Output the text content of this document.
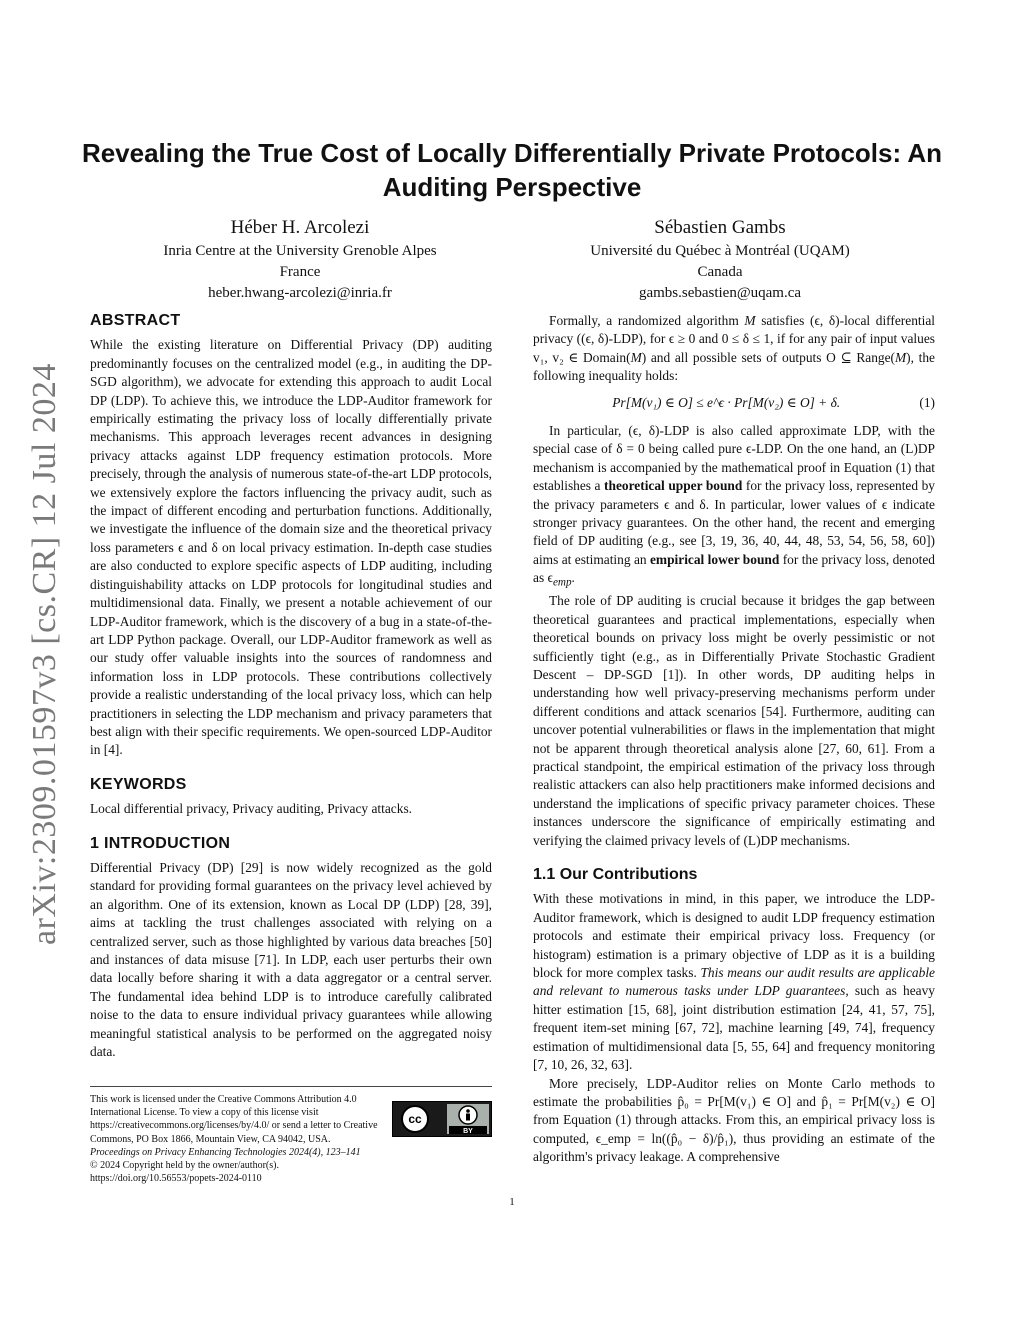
arXiv:2309.01597v3 [cs.CR] 12 Jul 2024
Revealing the True Cost of Locally Differentially Private Protocols: An Auditing Perspective
Héber H. Arcolezi
Inria Centre at the University Grenoble Alpes
France
heber.hwang-arcolezi@inria.fr
Sébastien Gambs
Université du Québec à Montréal (UQAM)
Canada
gambs.sebastien@uqam.ca
ABSTRACT

While the existing literature on Differential Privacy (DP) auditing predominantly focuses on the centralized model (e.g., in auditing the DP-SGD algorithm), we advocate for extending this approach to audit Local DP (LDP). To achieve this, we introduce the LDP-Auditor framework for empirically estimating the privacy loss of locally differentially private mechanisms. This approach leverages recent advances in designing privacy attacks against LDP frequency estimation protocols. More precisely, through the analysis of numerous state-of-the-art LDP protocols, we extensively explore the factors influencing the privacy audit, such as the impact of different encoding and perturbation functions. Additionally, we investigate the influence of the domain size and the theoretical privacy loss parameters ϵ and δ on local privacy estimation. In-depth case studies are also conducted to explore specific aspects of LDP auditing, including distinguishability attacks on LDP protocols for longitudinal studies and multidimensional data. Finally, we present a notable achievement of our LDP-Auditor framework, which is the discovery of a bug in a state-of-the-art LDP Python package. Overall, our LDP-Auditor framework as well as our study offer valuable insights into the sources of randomness and information loss in LDP protocols. These contributions collectively provide a realistic understanding of the local privacy loss, which can help practitioners in selecting the LDP mechanism and privacy parameters that best align with their specific requirements. We open-sourced LDP-Auditor in [4].

KEYWORDS

Local differential privacy, Privacy auditing, Privacy attacks.

1 INTRODUCTION

Differential Privacy (DP) [29] is now widely recognized as the gold standard for providing formal guarantees on the privacy level achieved by an algorithm. One of its extension, known as Local DP (LDP) [28, 39], aims at tackling the trust challenges associated with relying on a centralized server, such as those highlighted by various data breaches [50] and instances of data misuse [71]. In LDP, each user perturbs their own data locally before sharing it with a data aggregator or a central server. The fundamental idea behind LDP is to introduce carefully calibrated noise to the data to ensure individual privacy guarantees while allowing meaningful statistical analysis to be performed on the aggregated noisy data.

This work is licensed under the Creative Commons Attribution 4.0 International License. To view a copy of this license visit https://creativecommons.org/licenses/by/4.0/ or send a letter to Creative Commons, PO Box 1866, Mountain View, CA 94042, USA.
cc
BY
Proceedings on Privacy Enhancing Technologies 2024(4), 123–141
© 2024 Copyright held by the owner/author(s).
https://doi.org/10.56553/popets-2024-0110

Formally, a randomized algorithm M satisfies (ϵ, δ)-local differential privacy ((ϵ, δ)-LDP), for ϵ ≥ 0 and 0 ≤ δ ≤ 1, if for any pair of input values v₁, v₂ ∈ Domain(M) and all possible sets of outputs O ⊆ Range(M), the following inequality holds:

Pr[M(v₁) ∈ O] ≤ e^ϵ · Pr[M(v₂) ∈ O] + δ.	(1)

In particular, (ϵ, δ)-LDP is also called approximate LDP, with the special case of δ = 0 being called pure ϵ-LDP. On the one hand, an (L)DP mechanism is accompanied by the mathematical proof in Equation (1) that establishes a theoretical upper bound for the privacy loss, represented by the privacy parameters ϵ and δ. In particular, lower values of ϵ indicate stronger privacy guarantees. On the other hand, the recent and emerging field of DP auditing (e.g., see [3, 19, 36, 40, 44, 48, 53, 54, 56, 58, 60]) aims at estimating an empirical lower bound for the privacy loss, denoted as $\epsilon_{emp}$.

The role of DP auditing is crucial because it bridges the gap between theoretical guarantees and practical implementations, especially when theoretical bounds on privacy loss might be overly pessimistic or not sufficiently tight (e.g., as in Differentially Private Stochastic Gradient Descent – DP-SGD [1]). In other words, DP auditing helps in understanding how well privacy-preserving mechanisms perform under different conditions and attack scenarios [54]. Furthermore, auditing can uncover potential vulnerabilities or flaws in the implementation that might not be apparent through theoretical analysis alone [27, 60, 61]. From a practical standpoint, the empirical estimation of the privacy loss through realistic attackers can also help practitioners make informed decisions and understand the implications of specific privacy parameter choices. These instances underscore the significance of empirically estimating and verifying the claimed privacy levels of (L)DP mechanisms.

1.1 Our Contributions

With these motivations in mind, in this paper, we introduce the LDP-Auditor framework, which is designed to audit LDP frequency estimation protocols and estimate their empirical privacy loss. Frequency (or histogram) estimation is a primary objective of LDP as it is a building block for more complex tasks. This means our audit results are applicable and relevant to numerous tasks under LDP guarantees, such as heavy hitter estimation [15, 68], joint distribution estimation [24, 41, 57, 75], frequent item-set mining [67, 72], machine learning [49, 74], frequency estimation of multidimensional data [5, 55, 64] and frequency monitoring [7, 10, 26, 32, 63].

More precisely, LDP-Auditor relies on Monte Carlo methods to estimate the probabilities p̂₀ = Pr[M(v₁) ∈ O] and p̂₁ = Pr[M(v₂) ∈ O] from Equation (1) through attacks. From this, an empirical privacy loss is computed, ϵ_emp = ln((p̂₀ − δ)/p̂₁), thus providing an estimate of the algorithm's privacy leakage. A comprehensive

1
